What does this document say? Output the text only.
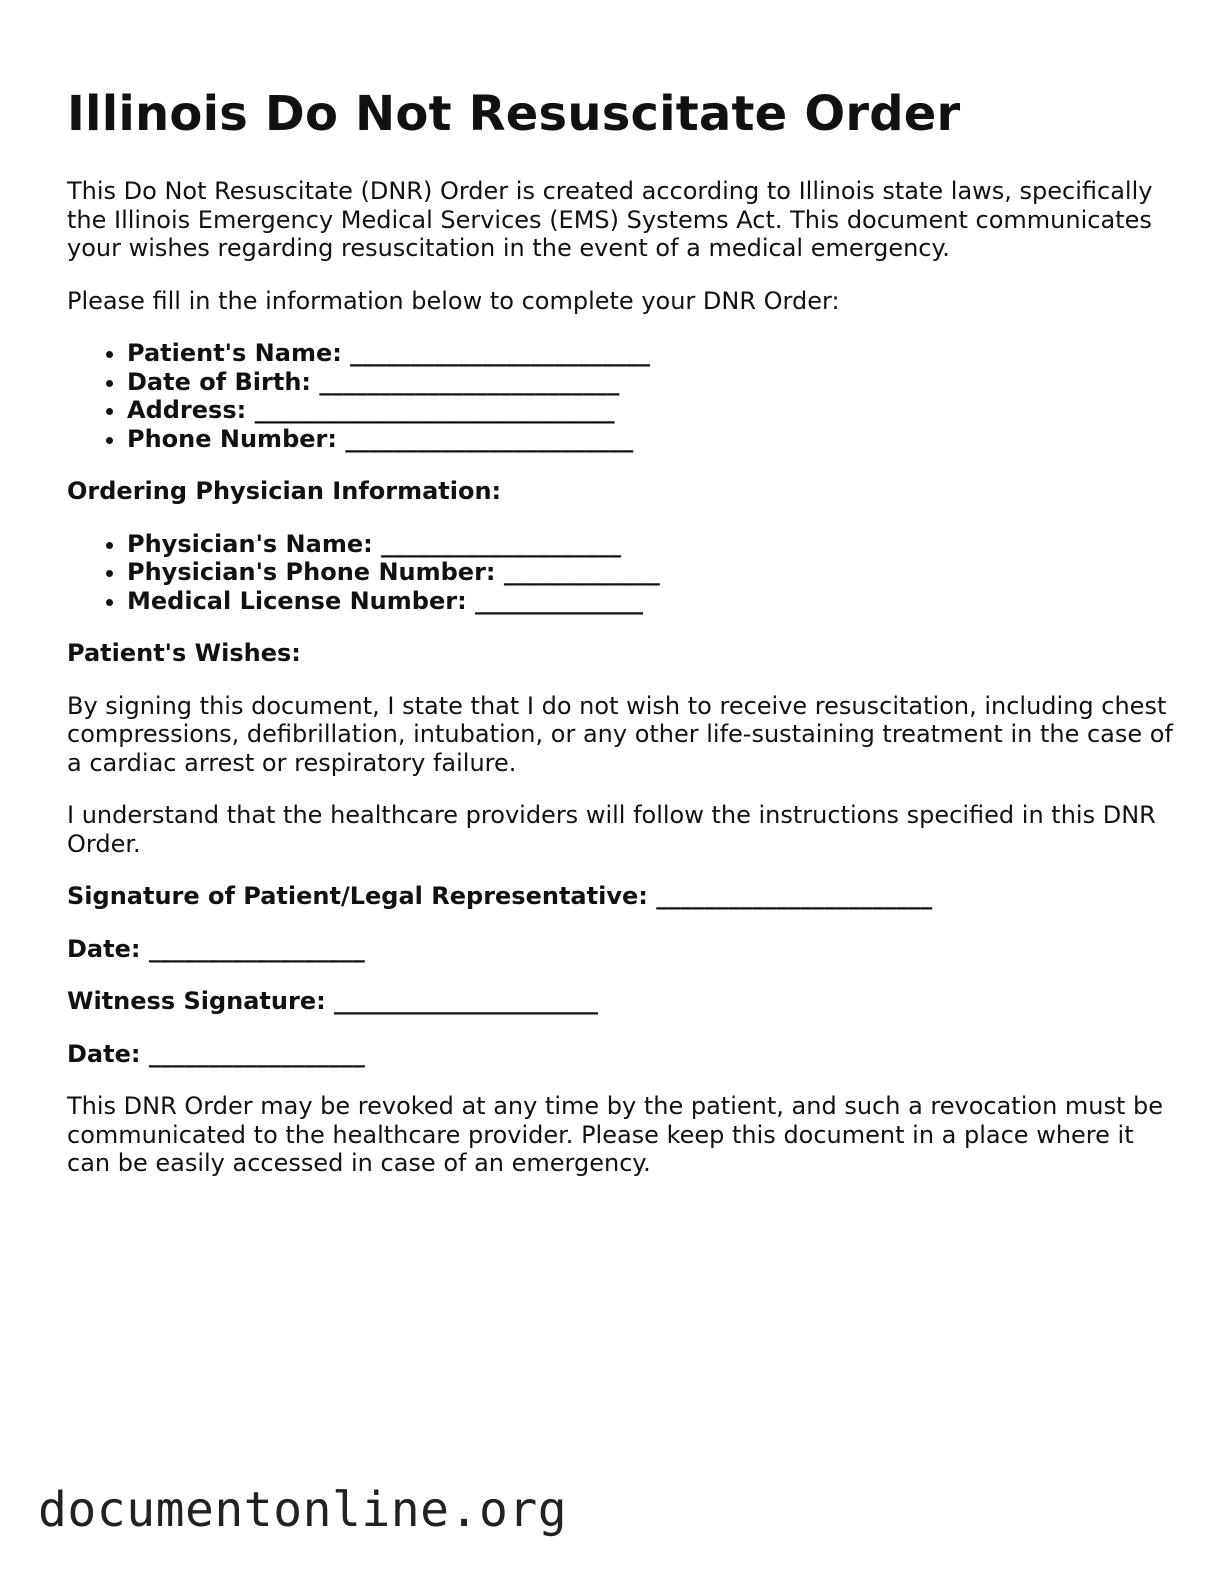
Illinois Do Not Resuscitate Order

This Do Not Resuscitate (DNR) Order is created according to Illinois state laws, specifically the Illinois Emergency Medical Services (EMS) Systems Act. This document communicates your wishes regarding resuscitation in the event of a medical emergency.

Please fill in the information below to complete your DNR Order:

• Patient's Name: _________________________
• Date of Birth: _________________________
• Address: ______________________________
• Phone Number: ________________________

Ordering Physician Information:

• Physician's Name: ____________________
• Physician's Phone Number: _____________
• Medical License Number: ______________

Patient's Wishes:

By signing this document, I state that I do not wish to receive resuscitation, including chest compressions, defibrillation, intubation, or any other life-sustaining treatment in the case of a cardiac arrest or respiratory failure.

I understand that the healthcare providers will follow the instructions specified in this DNR Order.

Signature of Patient/Legal Representative: _______________________

Date: __________________

Witness Signature: ______________________

Date: __________________

This DNR Order may be revoked at any time by the patient, and such a revocation must be communicated to the healthcare provider. Please keep this document in a place where it can be easily accessed in case of an emergency.

documentonline.org
